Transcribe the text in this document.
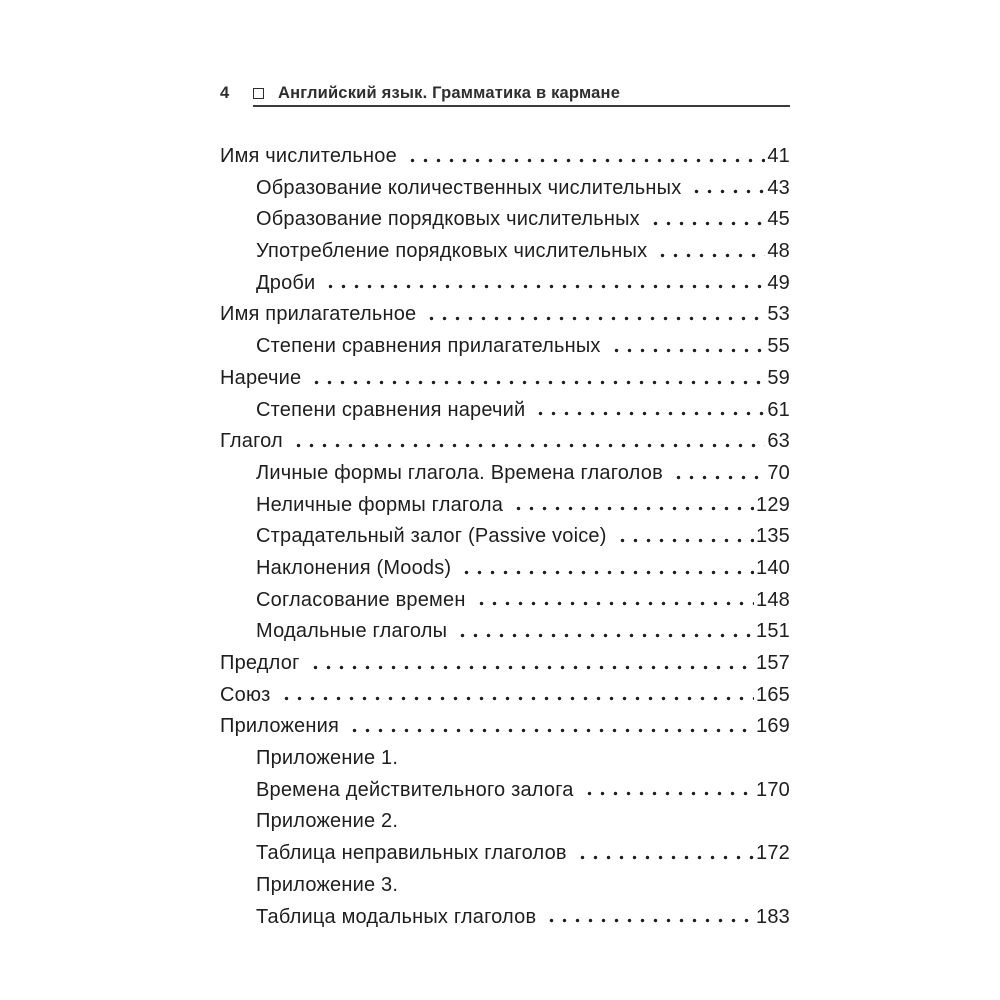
4	Английский язык. Грамматика в кармане
Имя числительное	41
Образование количественных числительных	43
Образование порядковых числительных	45
Употребление порядковых числительных	48
Дроби	49
Имя прилагательное	53
Степени сравнения прилагательных	55
Наречие	59
Степени сравнения наречий	61
Глагол	63
Личные формы глагола. Времена глаголов	70
Неличные формы глагола	129
Страдательный залог (Passive voice)	135
Наклонения (Moods)	140
Согласование времен	148
Модальные глаголы	151
Предлог	157
Союз	165
Приложения	169
Приложение 1.
Времена действительного залога	170
Приложение 2.
Таблица неправильных глаголов	172
Приложение 3.
Таблица модальных глаголов	183
